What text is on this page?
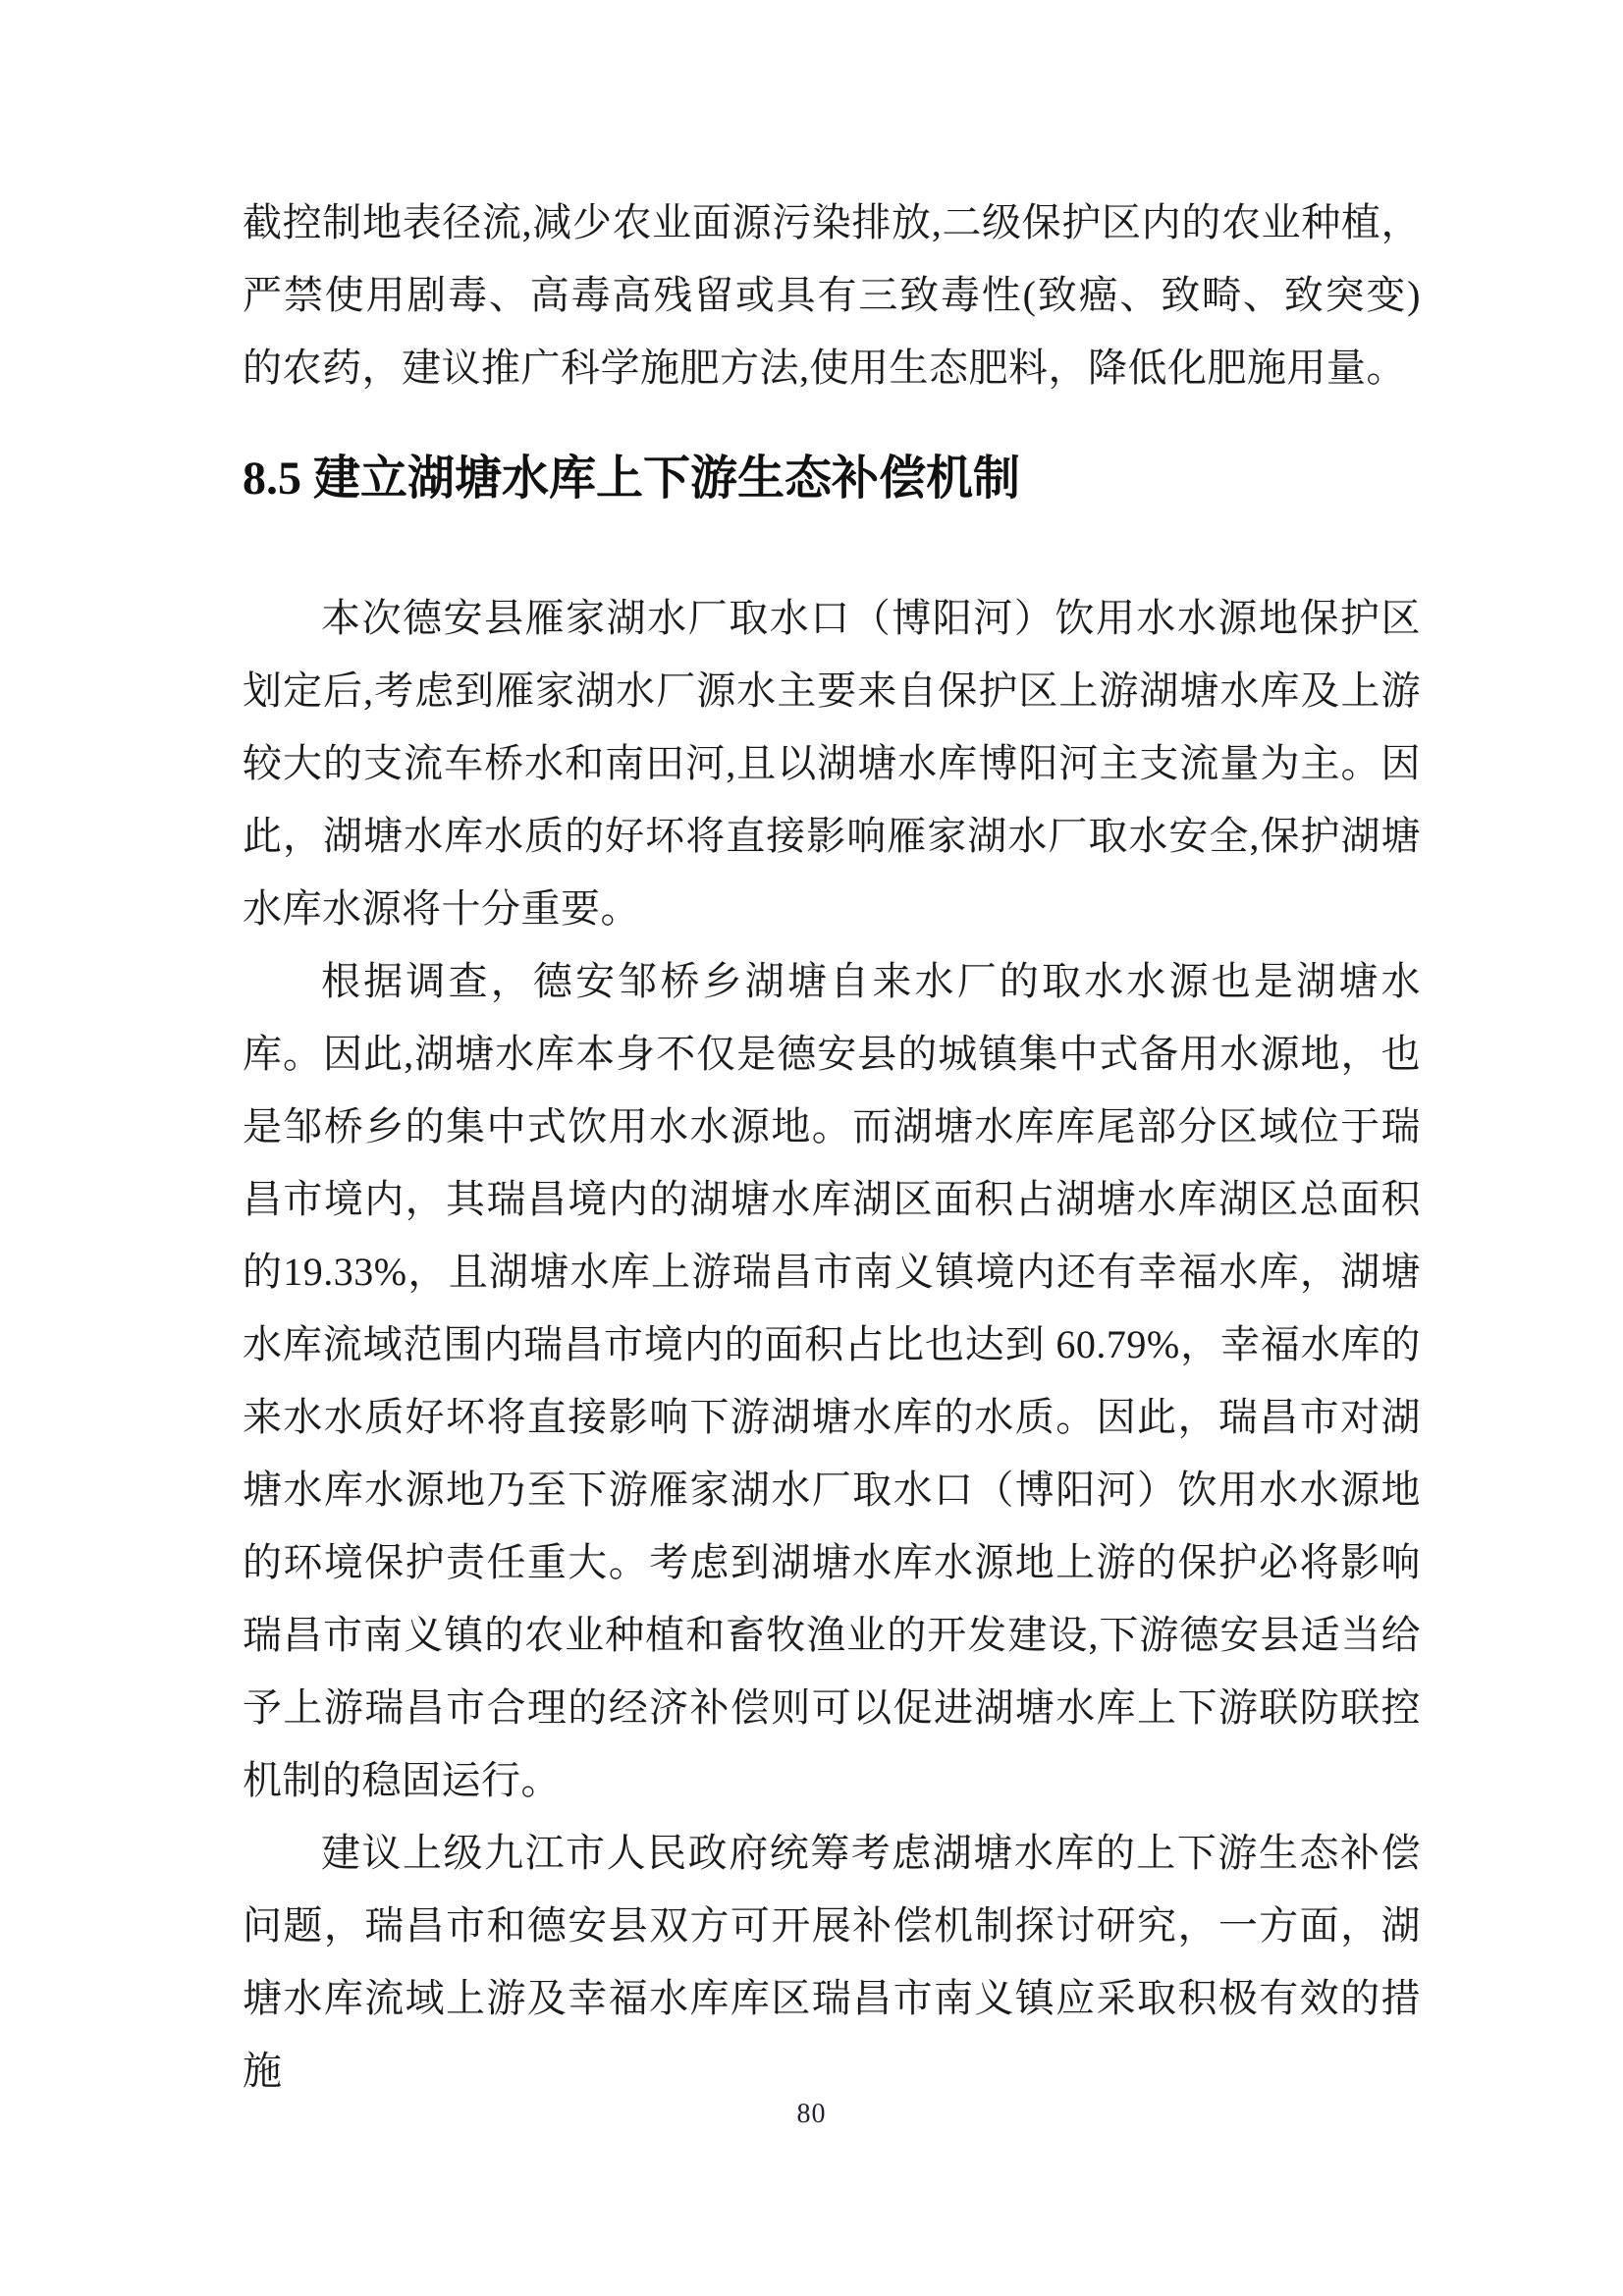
截控制地表径流,减少农业面源污染排放,二级保护区内的农业种植，严禁使用剧毒、高毒高残留或具有三致毒性(致癌、致畸、致突变)的农药，建议推广科学施肥方法,使用生态肥料，降低化肥施用量。

8.5 建立湖塘水库上下游生态补偿机制

本次德安县雁家湖水厂取水口（博阳河）饮用水水源地保护区划定后,考虑到雁家湖水厂源水主要来自保护区上游湖塘水库及上游较大的支流车桥水和南田河,且以湖塘水库博阳河主支流量为主。因此，湖塘水库水质的好坏将直接影响雁家湖水厂取水安全,保护湖塘水库水源将十分重要。

根据调查，德安邹桥乡湖塘自来水厂的取水水源也是湖塘水库。因此,湖塘水库本身不仅是德安县的城镇集中式备用水源地，也是邹桥乡的集中式饮用水水源地。而湖塘水库库尾部分区域位于瑞昌市境内，其瑞昌境内的湖塘水库湖区面积占湖塘水库湖区总面积的19.33%，且湖塘水库上游瑞昌市南义镇境内还有幸福水库，湖塘水库流域范围内瑞昌市境内的面积占比也达到 60.79%，幸福水库的来水水质好坏将直接影响下游湖塘水库的水质。因此，瑞昌市对湖塘水库水源地乃至下游雁家湖水厂取水口（博阳河）饮用水水源地的环境保护责任重大。考虑到湖塘水库水源地上游的保护必将影响瑞昌市南义镇的农业种植和畜牧渔业的开发建设,下游德安县适当给予上游瑞昌市合理的经济补偿则可以促进湖塘水库上下游联防联控机制的稳固运行。

建议上级九江市人民政府统筹考虑湖塘水库的上下游生态补偿问题，瑞昌市和德安县双方可开展补偿机制探讨研究，一方面，湖塘水库流域上游及幸福水库库区瑞昌市南义镇应采取积极有效的措施

80
